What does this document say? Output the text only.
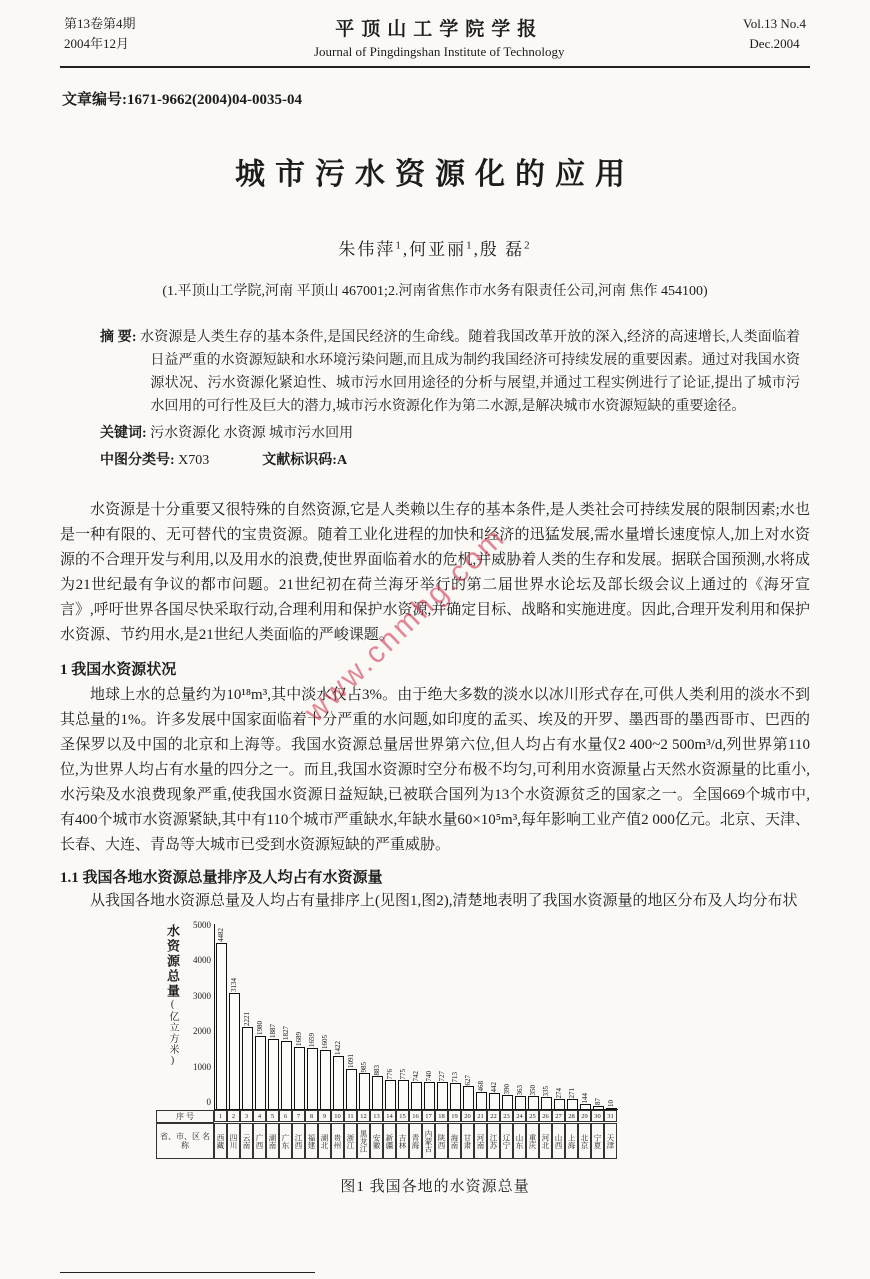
第13卷第4期
2004年12月
平顶山工学院学报
Journal of Pingdingshan Institute of Technology
Vol.13 No.4
Dec.2004
文章编号:1671-9662(2004)04-0035-04
城市污水资源化的应用
朱伟萍$^1$,何亚丽$^1$,殷 磊$^2$
(1.平顶山工学院,河南 平顶山 467001;2.河南省焦作市水务有限责任公司,河南 焦作 454100)
摘 要: 水资源是人类生存的基本条件,是国民经济的生命线。随着我国改革开放的深入,经济的高速增长,人类面临着日益严重的水资源短缺和水环境污染问题,而且成为制约我国经济可持续发展的重要因素。通过对我国水资源状况、污水资源化紧迫性、城市污水回用途径的分析与展望,并通过工程实例进行了论证,提出了城市污水回用的可行性及巨大的潜力,城市污水资源化作为第二水源,是解决城市水资源短缺的重要途径。
关键词: 污水资源化 水资源 城市污水回用
中图分类号: X703	文献标识码:A

水资源是十分重要又很特殊的自然资源,它是人类赖以生存的基本条件,是人类社会可持续发展的限制因素;水也是一种有限的、无可替代的宝贵资源。随着工业化进程的加快和经济的迅猛发展,需水量增长速度惊人,加上对水资源的不合理开发与利用,以及用水的浪费,使世界面临着水的危机,并威胁着人类的生存和发展。据联合国预测,水将成为21世纪最有争议的都市问题。21世纪初在荷兰海牙举行的第二届世界水论坛及部长级会议上通过的《海牙宣言》,呼吁世界各国尽快采取行动,合理利用和保护水资源,并确定目标、战略和实施进度。因此,合理开发利用和保护水资源、节约用水,是21世纪人类面临的严峻课题。

1 我国水资源状况

地球上水的总量约为10¹⁸m³,其中淡水仅占3%。由于绝大多数的淡水以冰川形式存在,可供人类利用的淡水不到其总量的1%。许多发展中国家面临着十分严重的水问题,如印度的孟买、埃及的开罗、墨西哥的墨西哥市、巴西的圣保罗以及中国的北京和上海等。我国水资源总量居世界第六位,但人均占有水量仅2 400~2 500m³/d,列世界第110位,为世界人均占有水量的四分之一。而且,我国水资源时空分布极不均匀,可利用水资源量占天然水资源量的比重小,水污染及水浪费现象严重,使我国水资源日益短缺,已被联合国列为13个水资源贫乏的国家之一。全国669个城市中,有400个城市水资源紧缺,其中有110个城市严重缺水,年缺水量60×10⁵m³,每年影响工业产值2 000亿元。北京、天津、长春、大连、青岛等大城市已受到水资源短缺的严重威胁。

1.1 我国各地水资源总量排序及人均占有水资源量

从我国各地水资源总量及人均占有量排序上(见图1,图2),清楚地表明了我国水资源量的地区分布及人均分布状

水资源总量(亿立方米)
5000
4000
3000
2000
1000
0
4482
3134
2221
1980 1887 1827 1689 1659 1605 1422
1091 985 883 776 775 742 740 727 713 627
468 442 390 363 350 335 274 271 144 87 10
序 号	1	2	3	4	5	6	7	8	9	10	11	12	13	14	15	16	17	18	19	20	21	22	23	24	25	26	27	28	29	30	31
省、市、区 名 称	西藏 四川 云南 广西 湖南 广东 江西 福建 湖北 贵州 浙江 黑龙江 安徽 新疆 吉林 青海 内蒙古 陕西 海南 甘肃 河南 江苏 辽宁 山东 重庆 河北 山西 上海 北京 宁夏 天津
图1 我国各地的水资源总量
www.cnmhg.com
